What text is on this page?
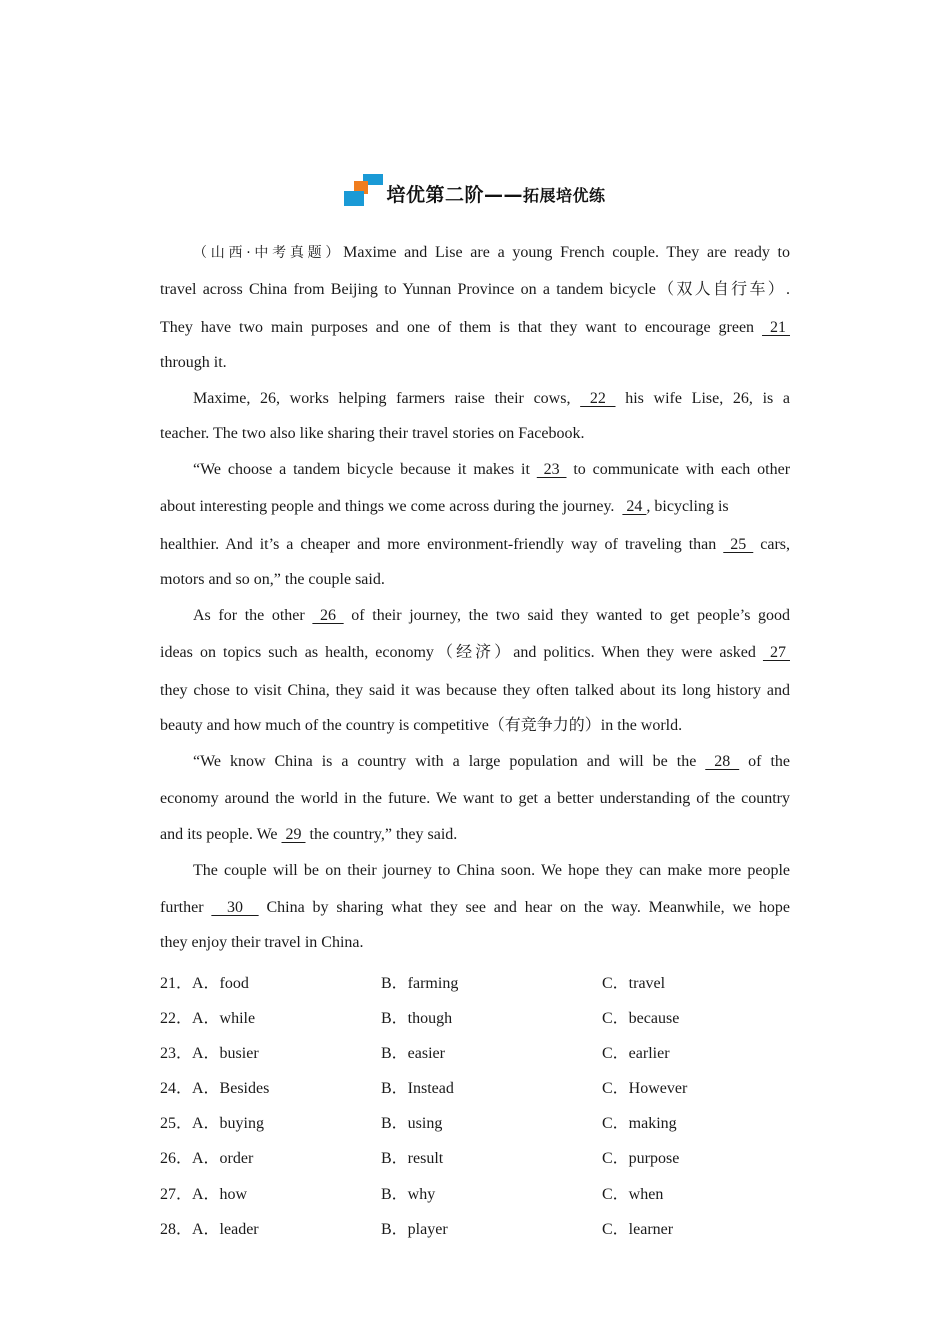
培优第二阶——拓展培优练
（山西·中考真题）Maxime and Lise are a young French couple. They are ready to
travel across China from Beijing to Yunnan Province on a tandem bicycle（双人自行车）.
They have two main purposes and one of them is that they want to encourage green  21
through it.
Maxime, 26, works helping farmers raise their cows,  22  his wife Lise, 26, is a
teacher. The two also like sharing their travel stories on Facebook.
“We choose a tandem bicycle because it makes it  23  to communicate with each other
about interesting people and things we come across during the journey.   24 , bicycling is
healthier. And it’s a cheaper and more environment-friendly way of traveling than  25  cars,
motors and so on,” the couple said.
As for the other  26  of their journey, the two said they wanted to get people’s good
ideas on topics such as health, economy（经济）and politics. When they were asked  27
they chose to visit China, they said it was because they often talked about its long history and
beauty and how much of the country is competitive（有竞争力的）in the world.
“We know China is a country with a large population and will be the  28  of the
economy around the world in the future. We want to get a better understanding of the country
and its people. We  29  the country,” they said.
The couple will be on their journey to China soon. We hope they can make more people
further   30   China by sharing what they see and hear on the way. Meanwhile, we hope
they enjoy their travel in China.
21． A．food	B．farming	C．travel
22． A．while	B．though	C．because
23． A．busier	B．easier	C．earlier
24． A．Besides	B．Instead	C．However
25． A．buying	B．using	C．making
26． A．order	B．result	C．purpose
27． A．how	B．why	C．when
28． A．leader	B．player	C．learner
